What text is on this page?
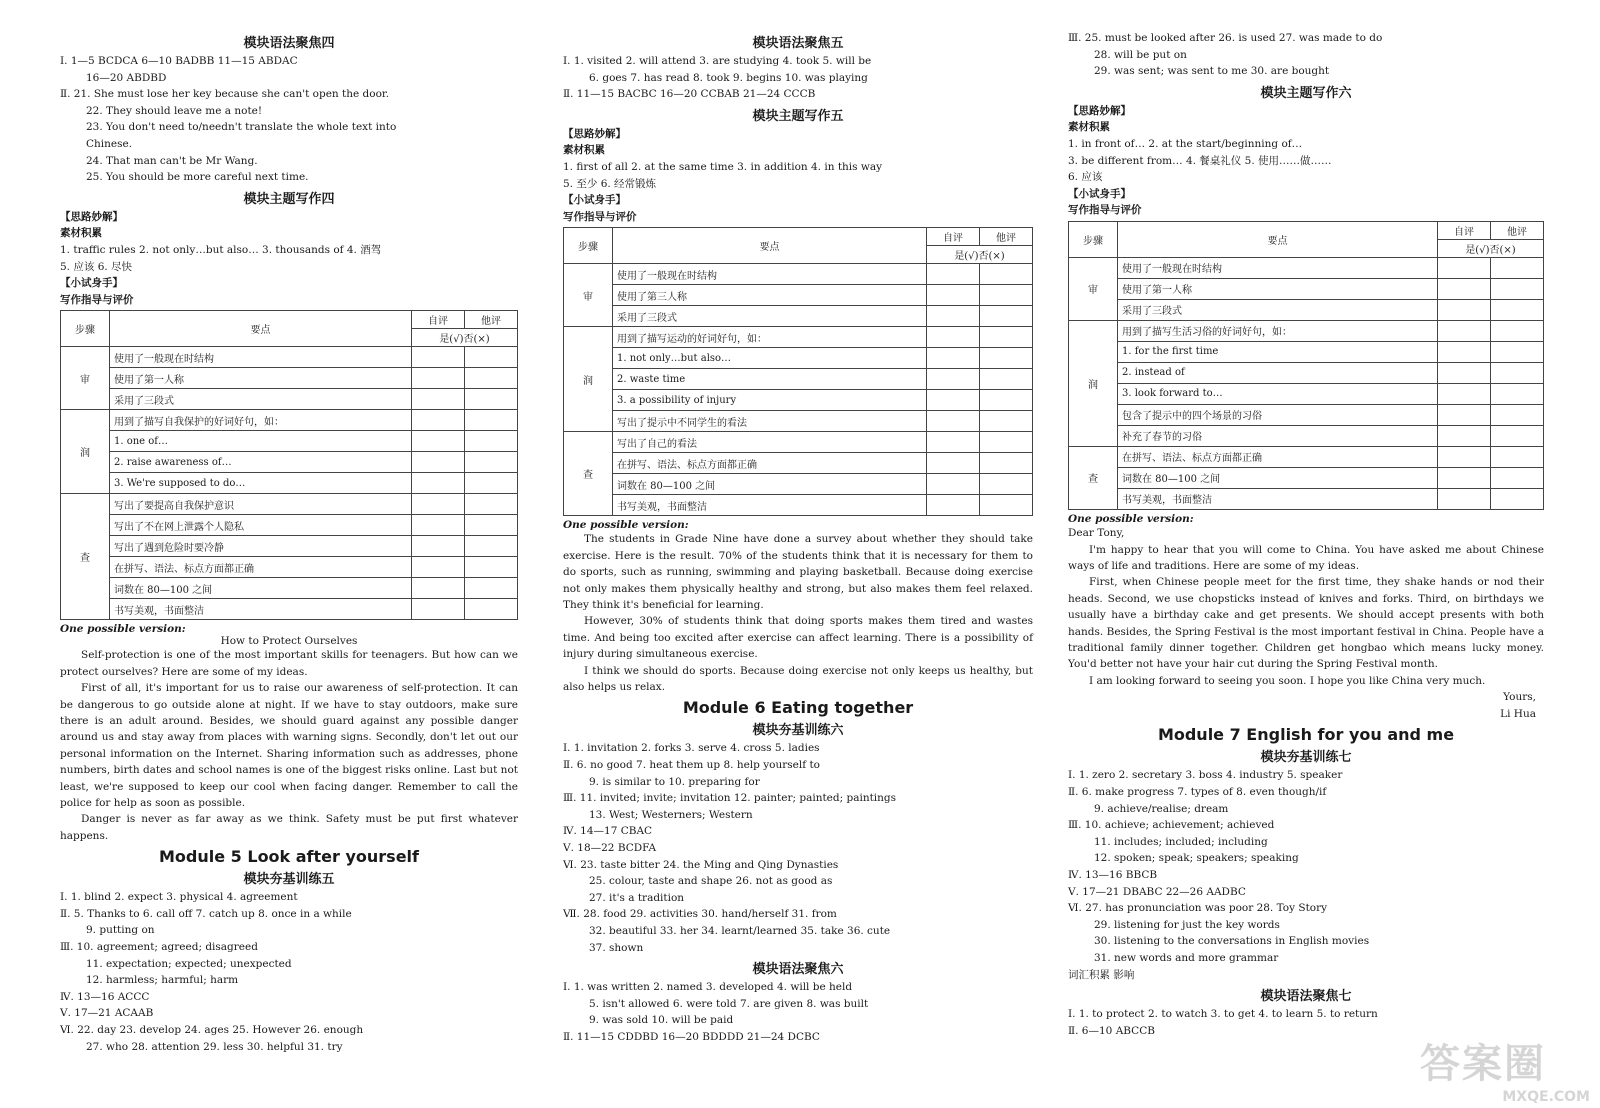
模块语法聚焦四
Ⅰ. 1—5 BCDCA 6—10 BADBB 11—15 ABDAC
16—20 ABDBD
Ⅱ. 21. She must lose her key because she can't open the door.
22. They should leave me a note!
23. You don't need to/needn't translate the whole text into
Chinese.
24. That man can't be Mr Wang.
25. You should be more careful next time.
模块主题写作四
【思路妙解】
素材积累
1. traffic rules 2. not only…but also… 3. thousands of 4. 酒驾
5. 应该 6. 尽快
【小试身手】
写作指导与评价
步骤	要点	自评	他评
		是(√)否(×)	
审	使用了一般现在时结构		
	使用了第一人称		
	采用了三段式		
润	用到了描写自我保护的好词好句，如：		
	1. one of…		
	2. raise awareness of…		
	3. We're supposed to do…		
查	写出了要提高自我保护意识		
	写出了不在网上泄露个人隐私		
	写出了遇到危险时要冷静		
	在拼写、语法、标点方面都正确		
	词数在 80—100 之间		
	书写美观，书面整洁		
One possible version:
How to Protect Ourselves
Self-protection is one of the most important skills for teenagers. But how can we protect ourselves? Here are some of my ideas.
First of all, it's important for us to raise our awareness of self-protection. It can be dangerous to go outside alone at night. If we have to stay outdoors, make sure there is an adult around. Besides, we should guard against any possible danger around us and stay away from places with warning signs. Secondly, don't let out our personal information on the Internet. Sharing information such as addresses, phone numbers, birth dates and school names is one of the biggest risks online. Last but not least, we're supposed to keep our cool when facing danger. Remember to call the police for help as soon as possible.
Danger is never as far away as we think. Safety must be put first whatever happens.
Module 5 Look after yourself
模块夯基训练五
Ⅰ. 1. blind 2. expect 3. physical 4. agreement
Ⅱ. 5. Thanks to 6. call off 7. catch up 8. once in a while
9. putting on
Ⅲ. 10. agreement; agreed; disagreed
11. expectation; expected; unexpected
12. harmless; harmful; harm
Ⅳ. 13—16 ACCC
Ⅴ. 17—21 ACAAB
Ⅵ. 22. day 23. develop 24. ages 25. However 26. enough
27. who 28. attention 29. less 30. helpful 31. try
模块语法聚焦五
Ⅰ. 1. visited 2. will attend 3. are studying 4. took 5. will be
6. goes 7. has read 8. took 9. begins 10. was playing
Ⅱ. 11—15 BACBC 16—20 CCBAB 21—24 CCCB
模块主题写作五
【思路妙解】
素材积累
1. first of all 2. at the same time 3. in addition 4. in this way
5. 至少 6. 经常锻炼
【小试身手】
写作指导与评价
步骤	要点	自评	他评
		是(√)否(×)	
审	使用了一般现在时结构		
	使用了第三人称		
	采用了三段式		
润	用到了描写运动的好词好句，如：		
	1. not only…but also…		
	2. waste time		
	3. a possibility of injury		
	写出了提示中不同学生的看法		
查	写出了自己的看法		
	在拼写、语法、标点方面都正确		
	词数在 80—100 之间		
	书写美观，书面整洁		
One possible version:
The students in Grade Nine have done a survey about whether they should take exercise. Here is the result. 70% of the students think that it is necessary for them to do sports, such as running, swimming and playing basketball. Because doing exercise not only makes them physically healthy and strong, but also makes them feel relaxed. They think it's beneficial for learning.
However, 30% of students think that doing sports makes them tired and wastes time. And being too excited after exercise can affect learning. There is a possibility of injury during simultaneous exercise.
I think we should do sports. Because doing exercise not only keeps us healthy, but also helps us relax.
Module 6 Eating together
模块夯基训练六
Ⅰ. 1. invitation 2. forks 3. serve 4. cross 5. ladies
Ⅱ. 6. no good 7. heat them up 8. help yourself to
9. is similar to 10. preparing for
Ⅲ. 11. invited; invite; invitation 12. painter; painted; paintings
13. West; Westerners; Western
Ⅳ. 14—17 CBAC
Ⅴ. 18—22 BCDFA
Ⅵ. 23. taste bitter 24. the Ming and Qing Dynasties
25. colour, taste and shape 26. not as good as
27. it's a tradition
Ⅶ. 28. food 29. activities 30. hand/herself 31. from
32. beautiful 33. her 34. learnt/learned 35. take 36. cute
37. shown
模块语法聚焦六
Ⅰ. 1. was written 2. named 3. developed 4. will be held
5. isn't allowed 6. were told 7. are given 8. was built
9. was sold 10. will be paid
Ⅱ. 11—15 CDDBD 16—20 BDDDD 21—24 DCBC
Ⅲ. 25. must be looked after 26. is used 27. was made to do
28. will be put on
29. was sent; was sent to me 30. are bought
模块主题写作六
【思路妙解】
素材积累
1. in front of… 2. at the start/beginning of…
3. be different from… 4. 餐桌礼仪 5. 使用……做……
6. 应该
【小试身手】
写作指导与评价
步骤	要点	自评	他评
		是(√)否(×)	
审	使用了一般现在时结构		
	使用了第一人称		
	采用了三段式		
润	用到了描写生活习俗的好词好句，如：		
	1. for the first time		
	2. instead of		
	3. look forward to…		
	包含了提示中的四个场景的习俗		
	补充了春节的习俗		
查	在拼写、语法、标点方面都正确		
	词数在 80—100 之间		
	书写美观，书面整洁		
One possible version:
Dear Tony,
I'm happy to hear that you will come to China. You have asked me about Chinese ways of life and traditions. Here are some of my ideas.
First, when Chinese people meet for the first time, they shake hands or nod their heads. Second, we use chopsticks instead of knives and forks. Third, on birthdays we usually have a birthday cake and get presents. We should accept presents with both hands. Besides, the Spring Festival is the most important festival in China. People have a traditional family dinner together. Children get hongbao which means lucky money. You'd better not have your hair cut during the Spring Festival month.
I am looking forward to seeing you soon. I hope you like China very much.
Yours,
Li Hua
Module 7 English for you and me
模块夯基训练七
Ⅰ. 1. zero 2. secretary 3. boss 4. industry 5. speaker
Ⅱ. 6. make progress 7. types of 8. even though/if
9. achieve/realise; dream
Ⅲ. 10. achieve; achievement; achieved
11. includes; included; including
12. spoken; speak; speakers; speaking
Ⅳ. 13—16 BBCB
Ⅴ. 17—21 DBABC 22—26 AADBC
Ⅵ. 27. has pronunciation was poor 28. Toy Story
29. listening for just the key words
30. listening to the conversations in English movies
31. new words and more grammar
词汇积累 影响
模块语法聚焦七
Ⅰ. 1. to protect 2. to watch 3. to get 4. to learn 5. to return
Ⅱ. 6—10 ABCCB
答案圈
MXQE.COM
